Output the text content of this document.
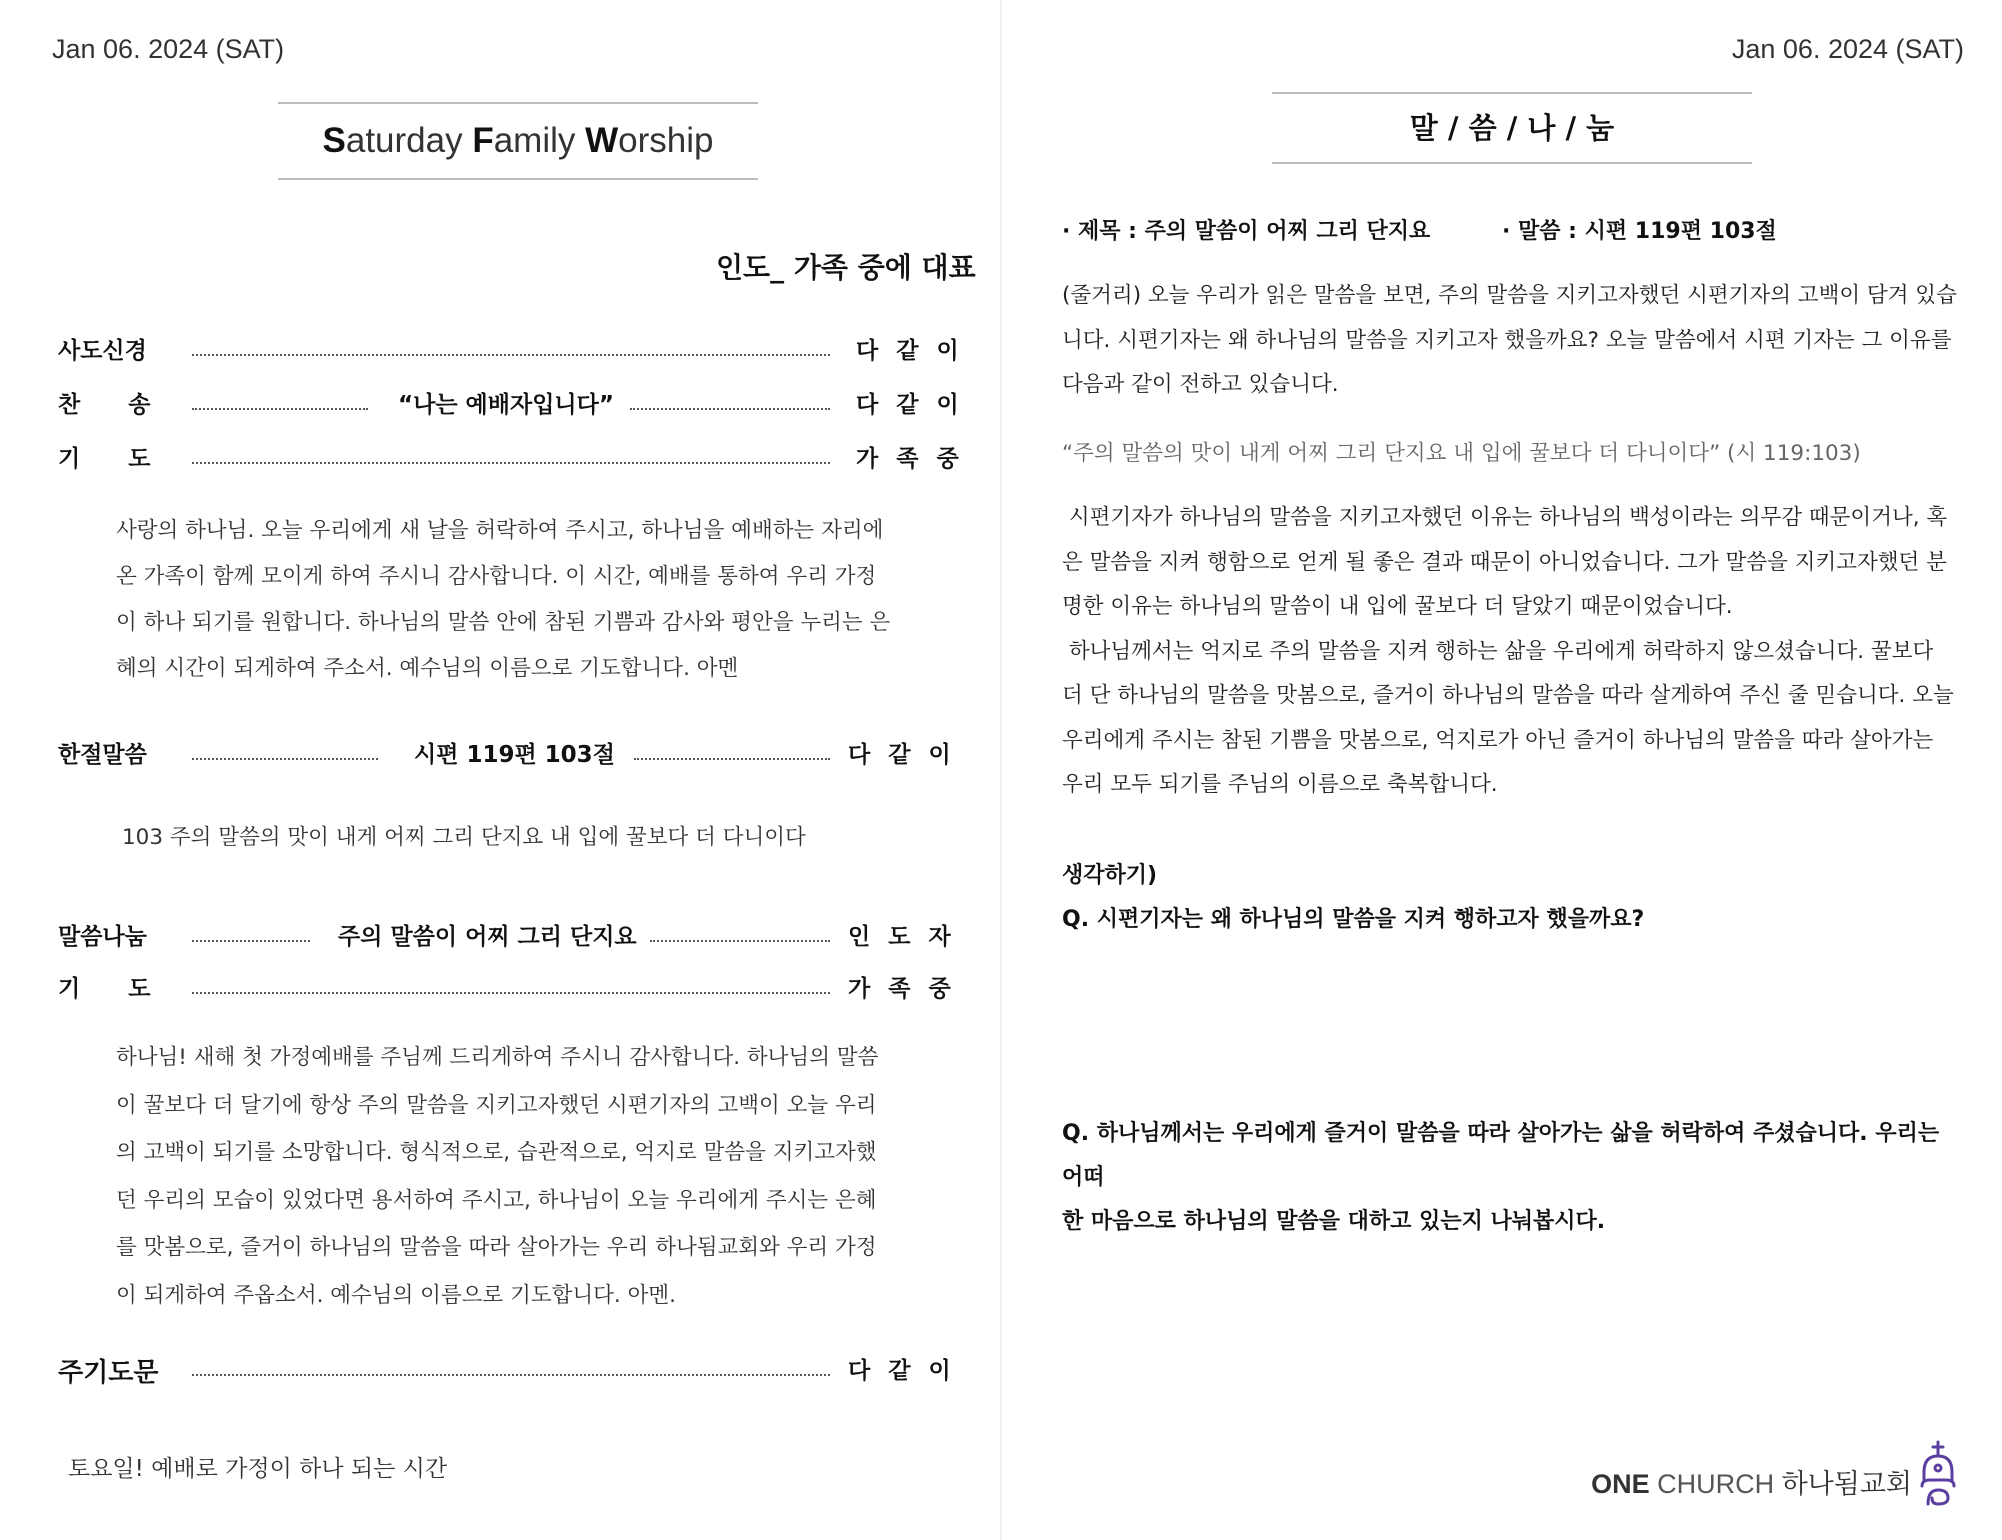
Jan 06. 2024 (SAT)
Saturday Family Worship
인도_ 가족 중에 대표
사도신경	다 같 이
찬      송	“나는 예배자입니다”	다 같 이
기      도	가 족 중
사랑의 하나님. 오늘 우리에게 새 날을 허락하여 주시고, 하나님을 예배하는 자리에
온 가족이 함께 모이게 하여 주시니 감사합니다. 이 시간, 예배를 통하여 우리 가정
이 하나 되기를 원합니다. 하나님의 말씀 안에 참된 기쁨과 감사와 평안을 누리는 은
혜의 시간이 되게하여 주소서. 예수님의 이름으로 기도합니다. 아멘
한절말씀	시편 119편 103절	다 같 이
103 주의 말씀의 맛이 내게 어찌 그리 단지요 내 입에 꿀보다 더 다니이다
말씀나눔	주의 말씀이 어찌 그리 단지요	인 도 자
기      도	가 족 중
하나님! 새해 첫 가정예배를 주님께 드리게하여 주시니 감사합니다. 하나님의 말씀
이 꿀보다 더 달기에 항상 주의 말씀을 지키고자했던 시편기자의 고백이 오늘 우리
의 고백이 되기를 소망합니다. 형식적으로, 습관적으로, 억지로 말씀을 지키고자했
던 우리의 모습이 있었다면 용서하여 주시고, 하나님이 오늘 우리에게 주시는 은혜
를 맛봄으로, 즐거이 하나님의 말씀을 따라 살아가는 우리 하나됨교회와 우리 가정
이 되게하여 주옵소서. 예수님의 이름으로 기도합니다. 아멘.
주기도문	다 같 이
토요일! 예배로 가정이 하나 되는 시간
Jan 06. 2024 (SAT)
말 / 씀 / 나 / 눔
· 제목 : 주의 말씀이 어찌 그리 단지요	· 말씀 : 시편 119편 103절
(줄거리) 오늘 우리가 읽은 말씀을 보면, 주의 말씀을 지키고자했던 시편기자의 고백이 담겨 있습
니다. 시편기자는 왜 하나님의 말씀을 지키고자 했을까요? 오늘 말씀에서 시편 기자는 그 이유를
다음과 같이 전하고 있습니다.
“주의 말씀의 맛이 내게 어찌 그리 단지요 내 입에 꿀보다 더 다니이다” (시 119:103)
시편기자가 하나님의 말씀을 지키고자했던 이유는 하나님의 백성이라는 의무감 때문이거나, 혹
은 말씀을 지켜 행함으로 얻게 될 좋은 결과 때문이 아니었습니다. 그가 말씀을 지키고자했던 분
명한 이유는 하나님의 말씀이 내 입에 꿀보다 더 달았기 때문이었습니다.
하나님께서는 억지로 주의 말씀을 지켜 행하는 삶을 우리에게 허락하지 않으셨습니다. 꿀보다
더 단 하나님의 말씀을 맛봄으로, 즐거이 하나님의 말씀을 따라 살게하여 주신 줄 믿습니다. 오늘
우리에게 주시는 참된 기쁨을 맛봄으로, 억지로가 아닌 즐거이 하나님의 말씀을 따라 살아가는
우리 모두 되기를 주님의 이름으로 축복합니다.
생각하기)
Q. 시편기자는 왜 하나님의 말씀을 지켜 행하고자 했을까요?
Q. 하나님께서는 우리에게 즐거이 말씀을 따라 살아가는 삶을 허락하여 주셨습니다. 우리는 어떠
한 마음으로 하나님의 말씀을 대하고 있는지 나눠봅시다.
ONE CHURCH 하나됨교회
